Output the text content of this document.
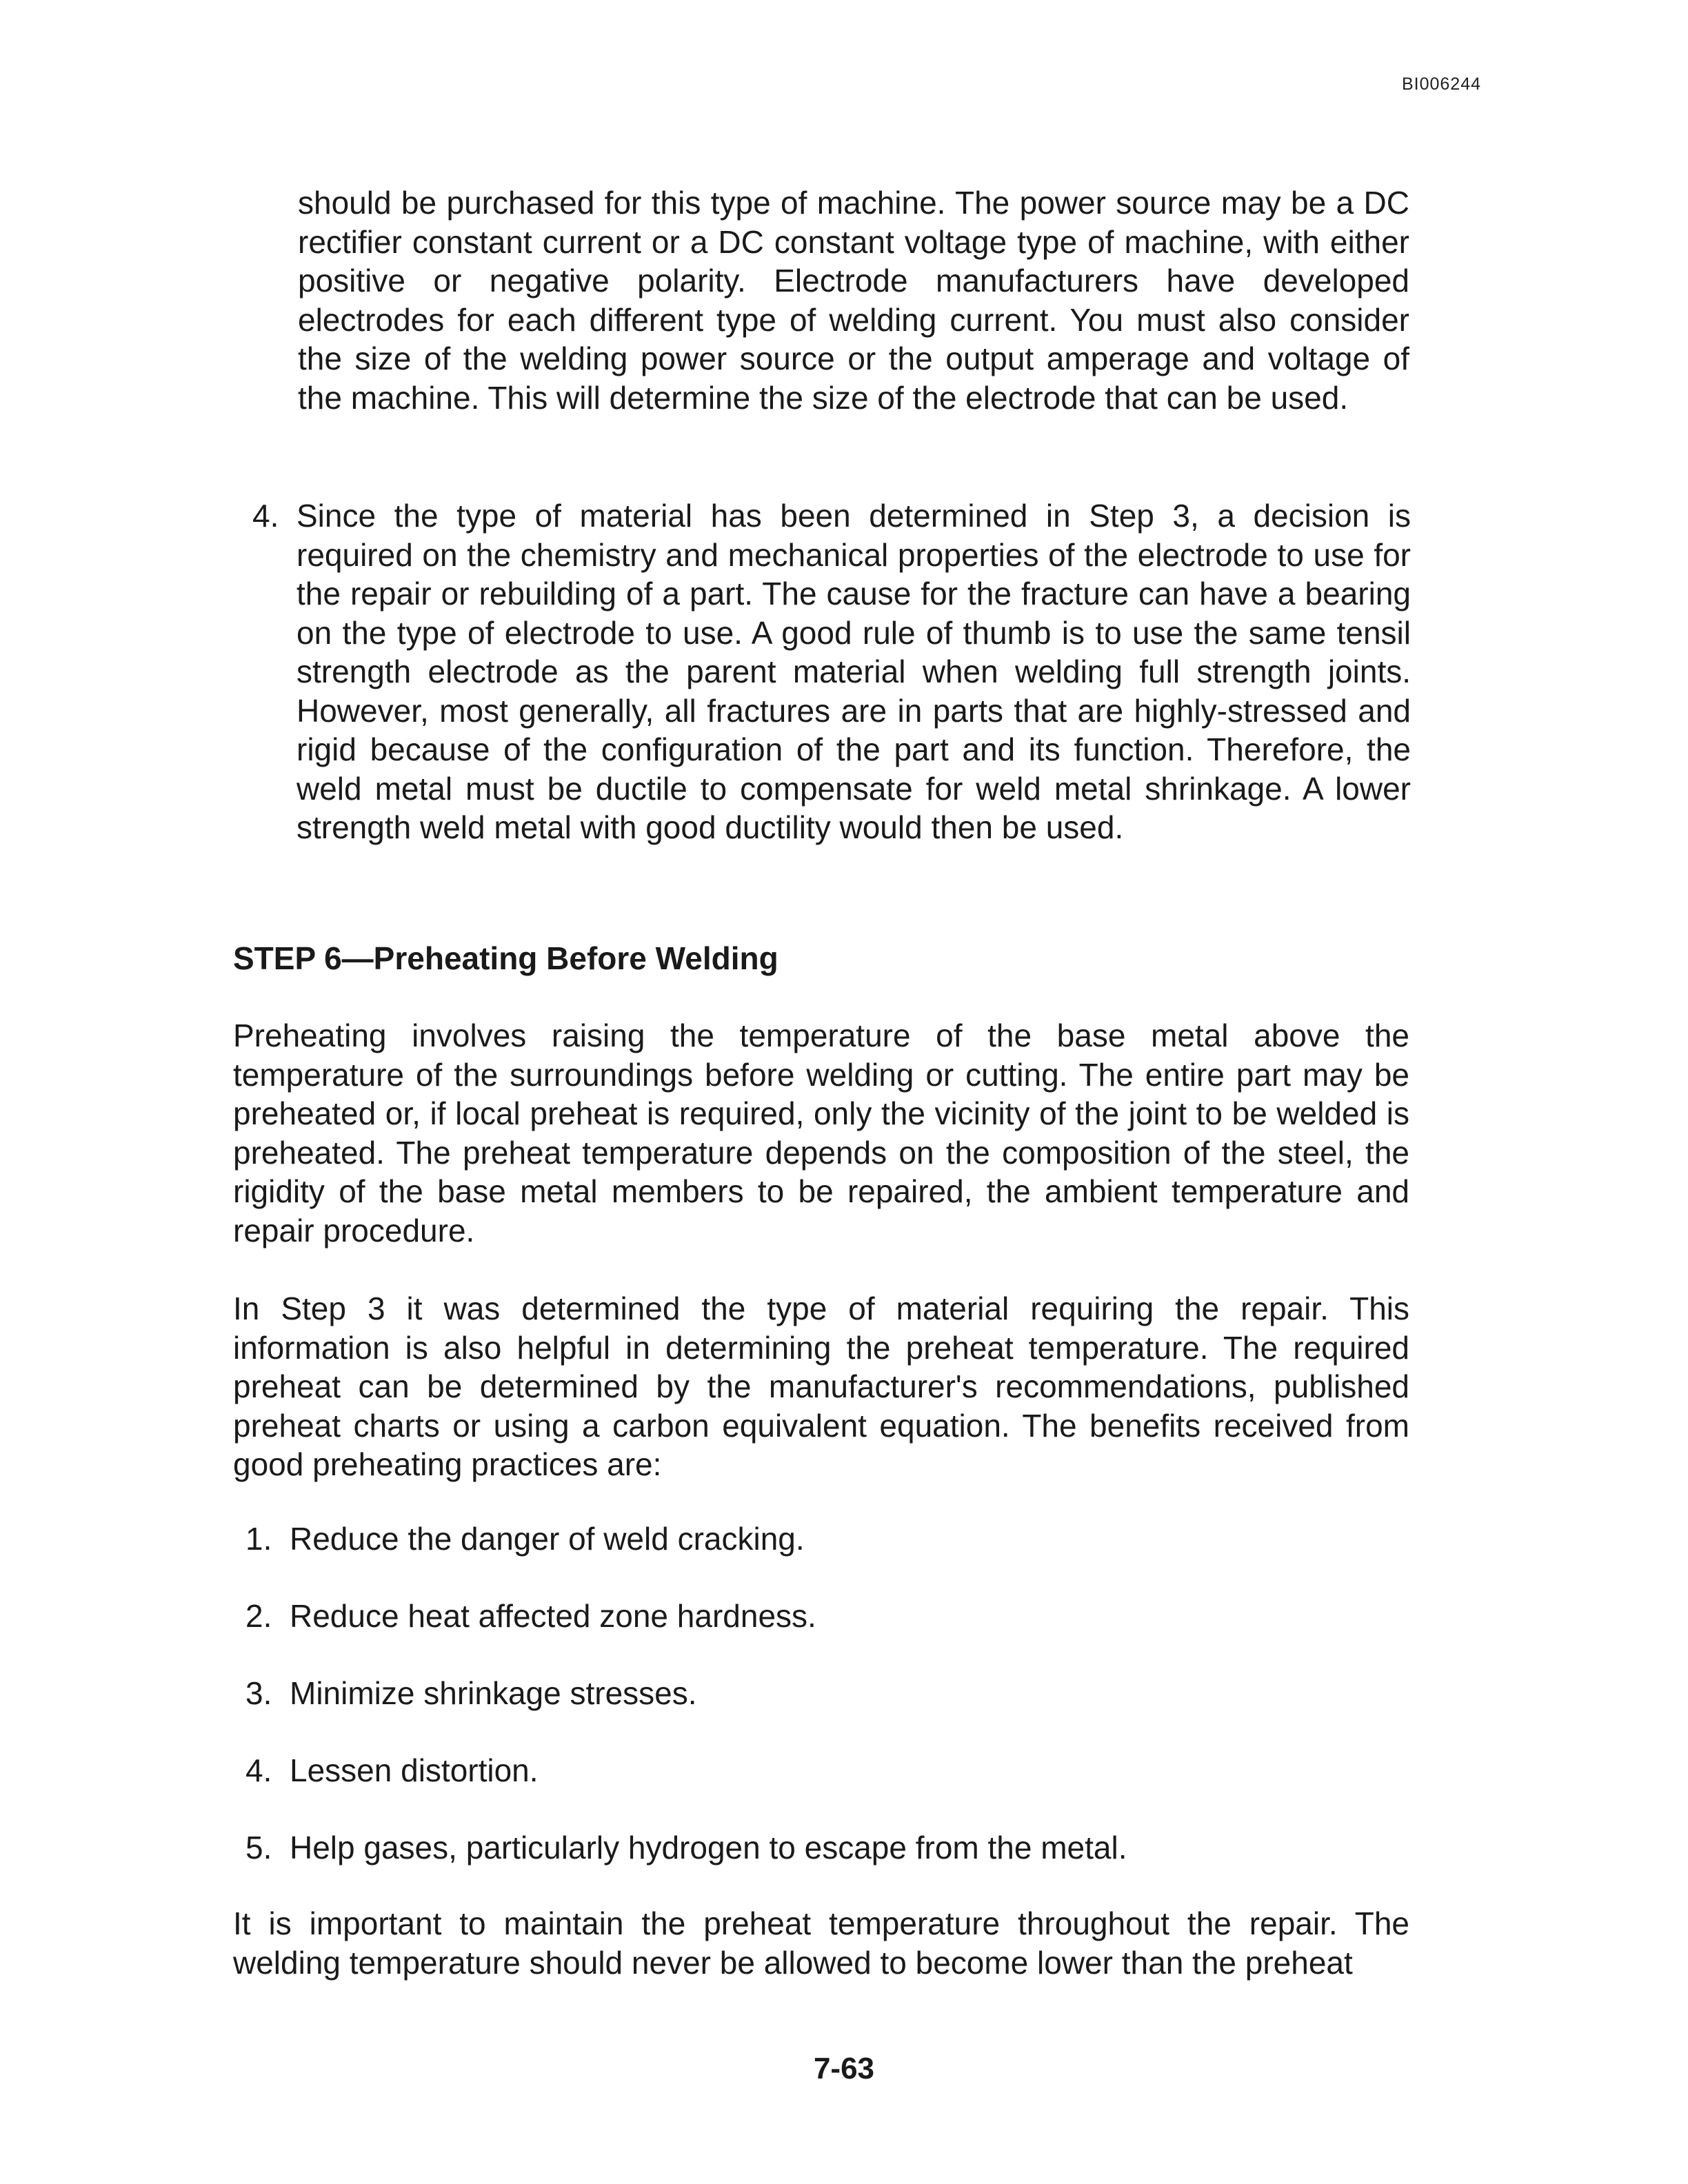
BI006244

should be purchased for this type of machine. The power source may be a DC rectifier constant current or a DC constant voltage type of machine, with either positive or negative polarity. Electrode manufacturers have developed electrodes for each different type of welding current. You must also consider the size of the welding power source or the output amperage and voltage of the machine. This will determine the size of the electrode that can be used.

4. Since the type of material has been determined in Step 3, a decision is required on the chemistry and mechanical properties of the electrode to use for the repair or rebuilding of a part. The cause for the fracture can have a bearing on the type of electrode to use. A good rule of thumb is to use the same tensil strength electrode as the parent material when welding full strength joints. However, most generally, all fractures are in parts that are highly-stressed and rigid because of the configuration of the part and its function. Therefore, the weld metal must be ductile to compensate for weld metal shrinkage. A lower strength weld metal with good ductility would then be used.
STEP 6—Preheating Before Welding

Preheating involves raising the temperature of the base metal above the temperature of the surroundings before welding or cutting. The entire part may be preheated or, if local preheat is required, only the vicinity of the joint to be welded is preheated. The preheat temperature depends on the composition of the steel, the rigidity of the base metal members to be repaired, the ambient temperature and repair procedure.

In Step 3 it was determined the type of material requiring the repair. This information is also helpful in determining the preheat temperature. The required preheat can be determined by the manufacturer's recommendations, published preheat charts or using a carbon equivalent equation. The benefits received from good preheating practices are:

1. Reduce the danger of weld cracking.
2. Reduce heat affected zone hardness.
3. Minimize shrinkage stresses.
4. Lessen distortion.
5. Help gases, particularly hydrogen to escape from the metal.

It is important to maintain the preheat temperature throughout the repair. The welding temperature should never be allowed to become lower than the preheat

7-63
